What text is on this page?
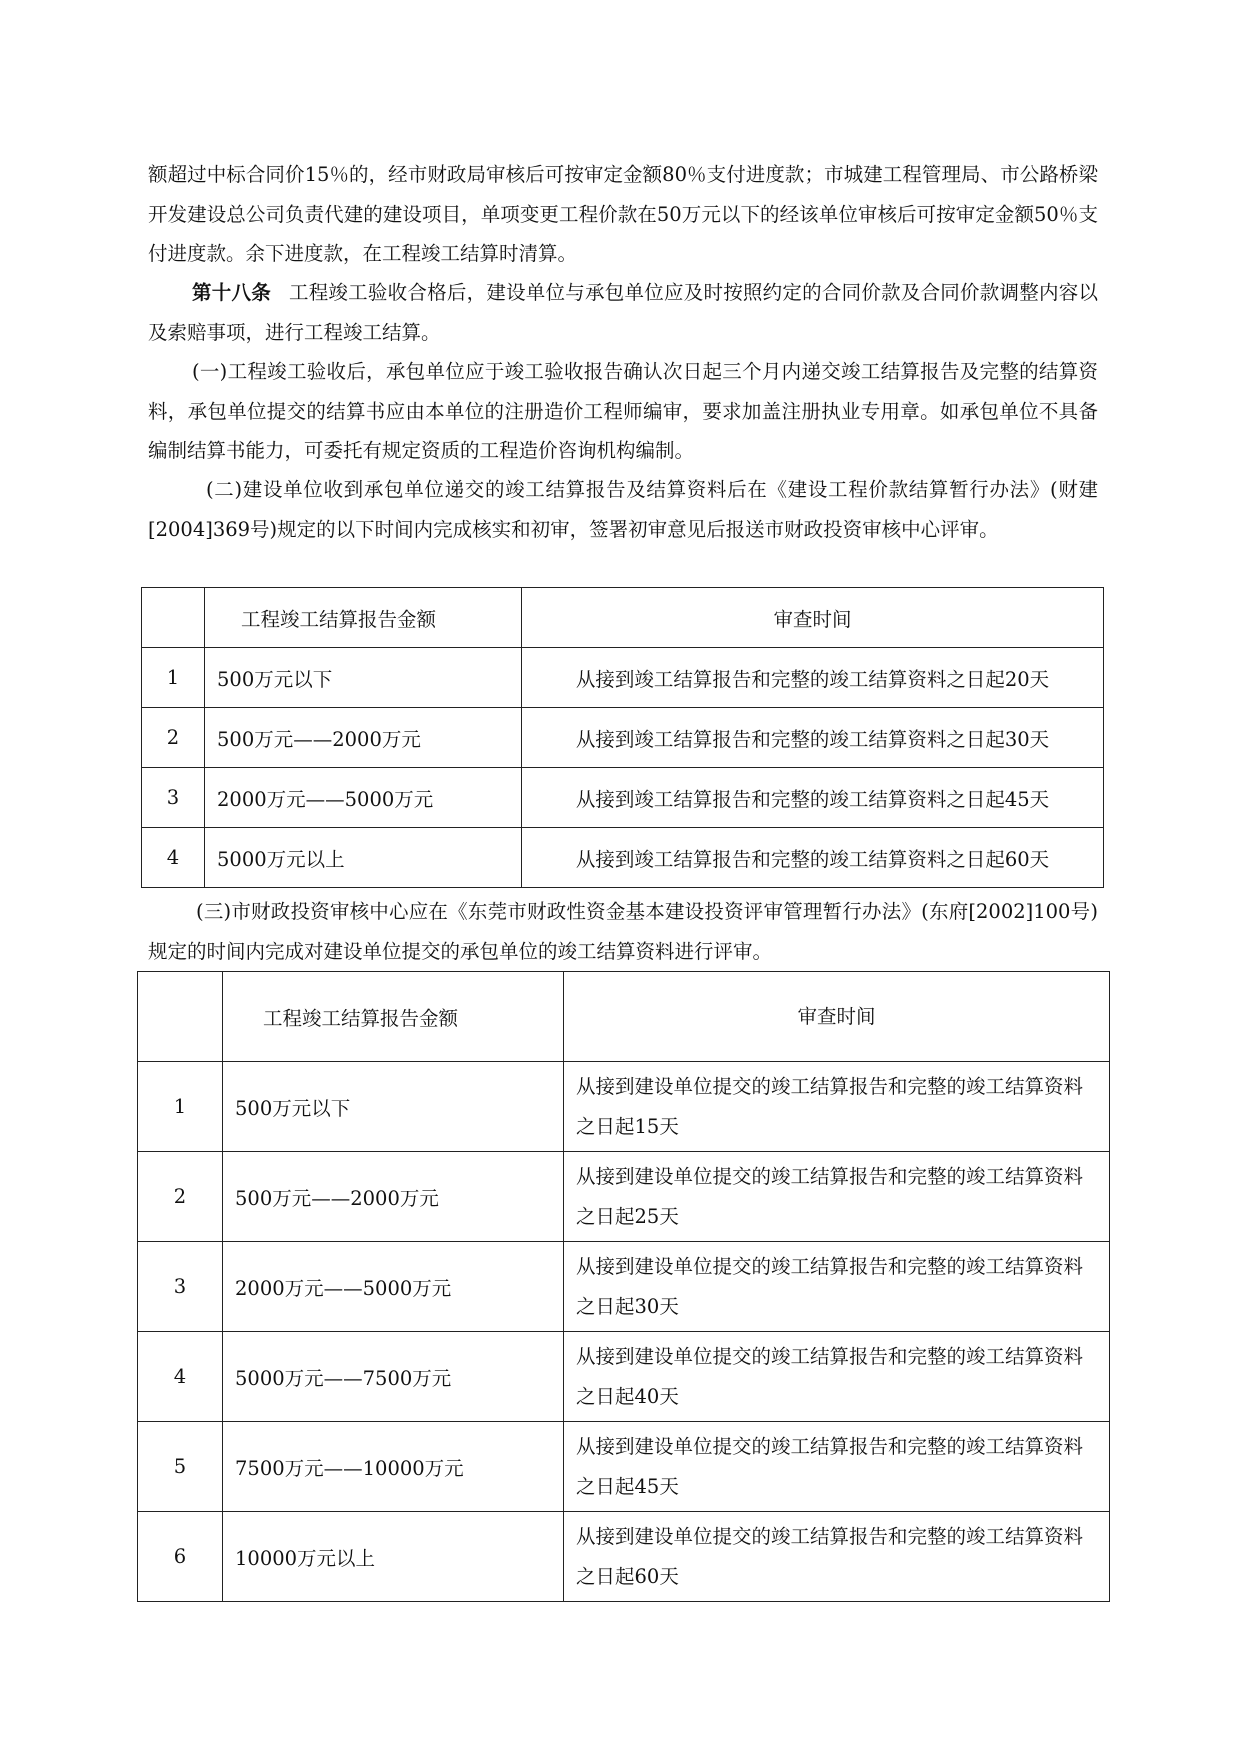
额超过中标合同价15％的，经市财政局审核后可按审定金额80％支付进度款；市城建工程管理局、市公路桥梁开发建设总公司负责代建的建设项目，单项变更工程价款在50万元以下的经该单位审核后可按审定金额50％支付进度款。余下进度款，在工程竣工结算时清算。

第十八条 工程竣工验收合格后，建设单位与承包单位应及时按照约定的合同价款及合同价款调整内容以及索赔事项，进行工程竣工结算。

(一)工程竣工验收后，承包单位应于竣工验收报告确认次日起三个月内递交竣工结算报告及完整的结算资料，承包单位提交的结算书应由本单位的注册造价工程师编审，要求加盖注册执业专用章。如承包单位不具备编制结算书能力，可委托有规定资质的工程造价咨询机构编制。

(二)建设单位收到承包单位递交的竣工结算报告及结算资料后在《建设工程价款结算暂行办法》(财建[2004]369号)规定的以下时间内完成核实和初审，签署初审意见后报送市财政投资审核中心评审。

	工程竣工结算报告金额	审查时间
1	500万元以下	从接到竣工结算报告和完整的竣工结算资料之日起20天
2	500万元——2000万元	从接到竣工结算报告和完整的竣工结算资料之日起30天
3	2000万元——5000万元	从接到竣工结算报告和完整的竣工结算资料之日起45天
4	5000万元以上	从接到竣工结算报告和完整的竣工结算资料之日起60天

(三)市财政投资审核中心应在《东莞市财政性资金基本建设投资评审管理暂行办法》(东府[2002]100号)规定的时间内完成对建设单位提交的承包单位的竣工结算资料进行评审。

	工程竣工结算报告金额	审查时间
1	500万元以下	从接到建设单位提交的竣工结算报告和完整的竣工结算资料之日起15天
2	500万元——2000万元	从接到建设单位提交的竣工结算报告和完整的竣工结算资料之日起25天
3	2000万元——5000万元	从接到建设单位提交的竣工结算报告和完整的竣工结算资料之日起30天
4	5000万元——7500万元	从接到建设单位提交的竣工结算报告和完整的竣工结算资料之日起40天
5	7500万元——10000万元	从接到建设单位提交的竣工结算报告和完整的竣工结算资料之日起45天
6	10000万元以上	从接到建设单位提交的竣工结算报告和完整的竣工结算资料之日起60天
